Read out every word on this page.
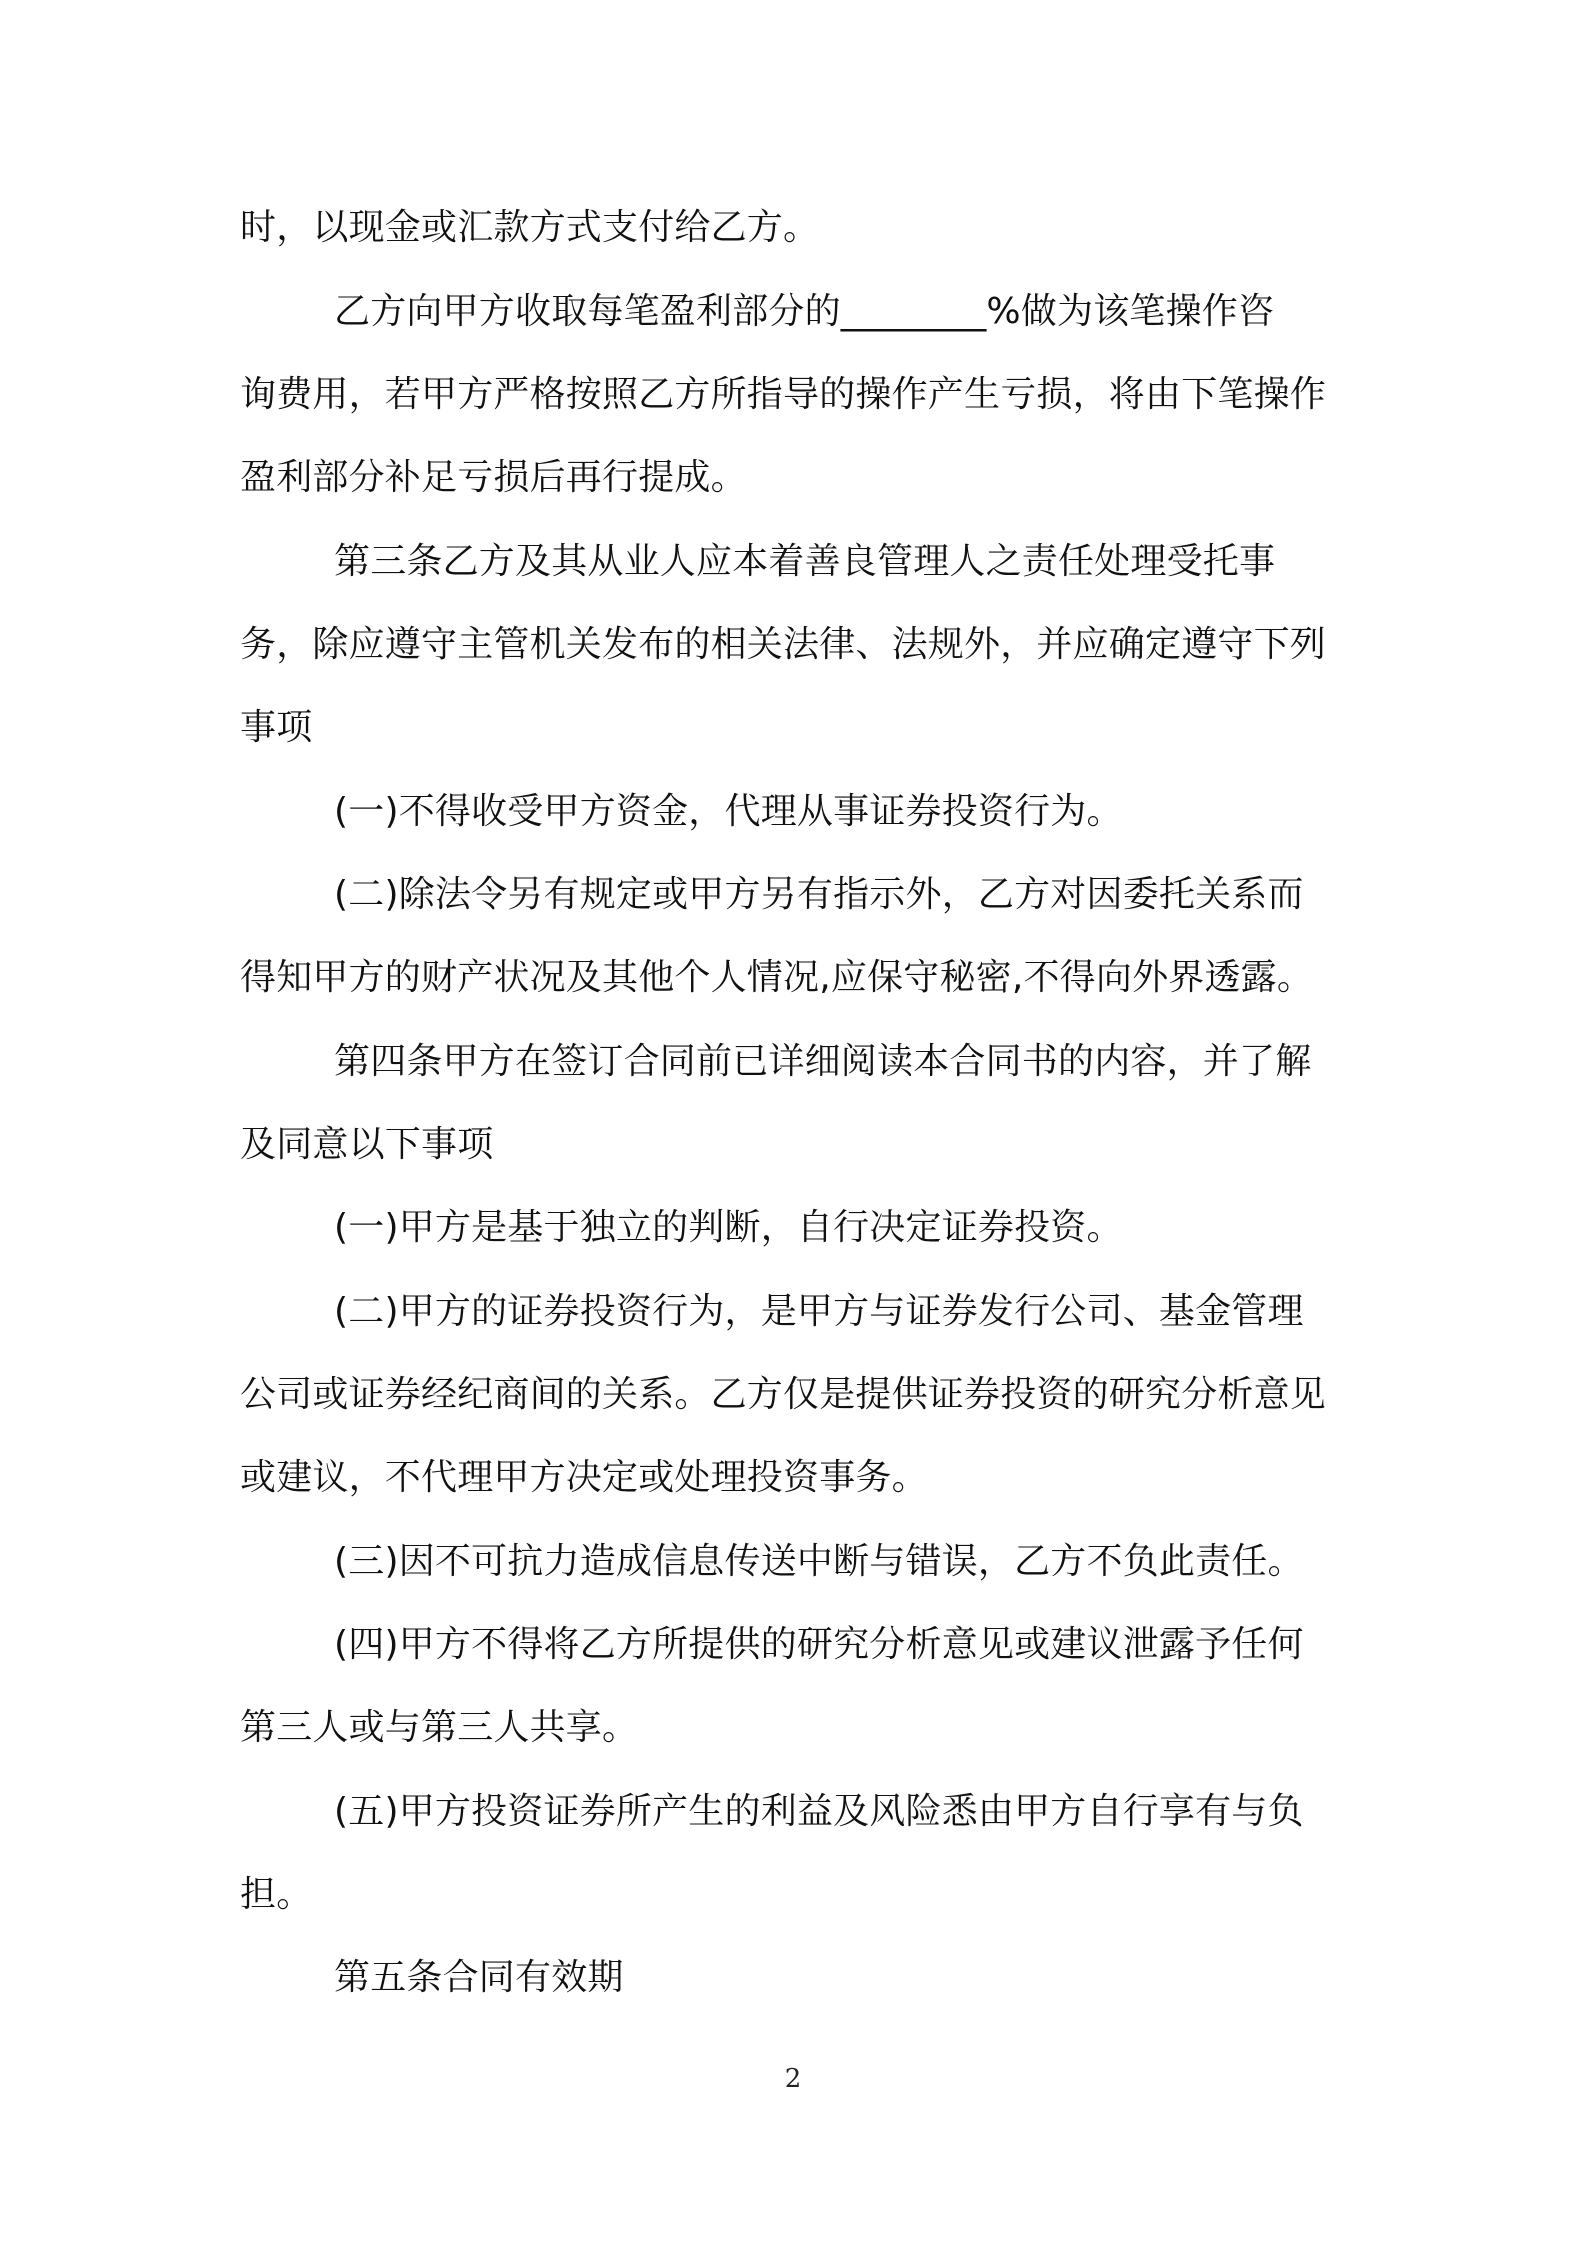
时，以现金或汇款方式支付给乙方。
乙方向甲方收取每笔盈利部分的________%做为该笔操作咨
询费用，若甲方严格按照乙方所指导的操作产生亏损，将由下笔操作
盈利部分补足亏损后再行提成。
第三条乙方及其从业人应本着善良管理人之责任处理受托事
务，除应遵守主管机关发布的相关法律、法规外，并应确定遵守下列
事项
(一)不得收受甲方资金，代理从事证券投资行为。
(二)除法令另有规定或甲方另有指示外，乙方对因委托关系而
得知甲方的财产状况及其他个人情况,应保守秘密,不得向外界透露。
第四条甲方在签订合同前已详细阅读本合同书的内容，并了解
及同意以下事项
(一)甲方是基于独立的判断，自行决定证券投资。
(二)甲方的证券投资行为，是甲方与证券发行公司、基金管理
公司或证券经纪商间的关系。乙方仅是提供证券投资的研究分析意见
或建议，不代理甲方决定或处理投资事务。
(三)因不可抗力造成信息传送中断与错误，乙方不负此责任。
(四)甲方不得将乙方所提供的研究分析意见或建议泄露予任何
第三人或与第三人共享。
(五)甲方投资证券所产生的利益及风险悉由甲方自行享有与负
担。
第五条合同有效期
2
